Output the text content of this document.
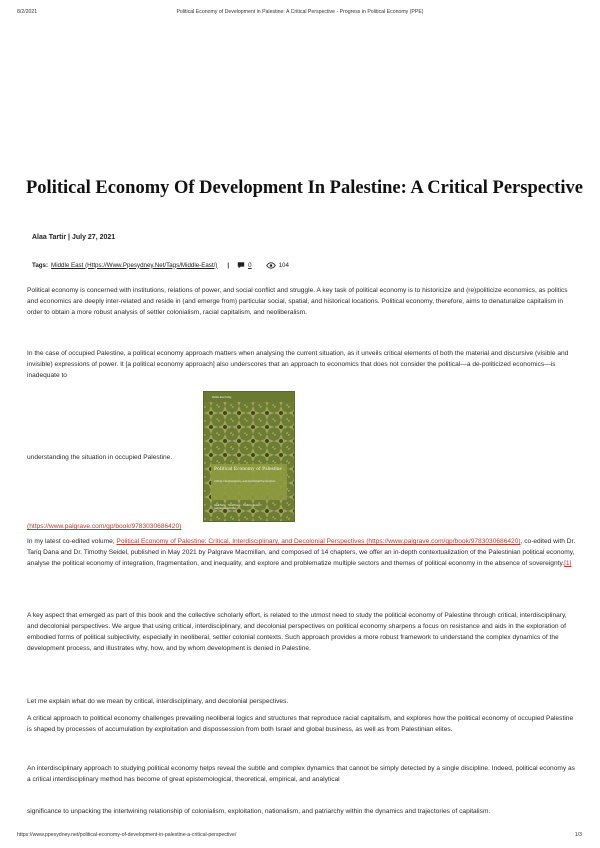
8/2/2021	Political Economy of Development in Palestine: A Critical Perspective - Progress in Political Economy (PPE)
Political Economy Of Development In Palestine: A Critical Perspective
Alaa Tartir | July 27, 2021
Tags: Middle East (Https://Www.Ppesydney.Net/Tags/Middle-East/) |	0	104

Political economy is concerned with institutions, relations of power, and social conflict and struggle. A key task of political economy is to historicize and (re)politicize economics, as politics and economics are deeply inter-related and reside in (and emerge from) particular social, spatial, and historical locations. Political economy, therefore, aims to denaturalize capitalism in order to obtain a more robust analysis of settler colonialism, racial capitalism, and neoliberalism.

In the case of occupied Palestine, a political economy approach matters when analysing the current situation, as it unveils critical elements of both the material and discursive (visible and invisible) expressions of power. It [a political economy approach] also underscores that an approach to economics that does not consider the political—a de-politicized economics—is inadequate to

understanding the situation in occupied Palestine.
Middle East Today
Political Economy of Palestine
Critical, Interdisciplinary, and Decolonial Perspectives
Alaa Tartir · Tariq Dana · Timothy Seidel
palgrave macmillan
(https://www.palgrave.com/gp/book/9783030686420)

In my latest co-edited volume, Political Economy of Palestine: Critical, Interdisciplinary, and Decolonial Perspectives (https://www.palgrave.com/gp/book/9783030686420), co-edited with Dr. Tariq Dana and Dr. Timothy Seidel, published in May 2021 by Palgrave Macmillan, and composed of 14 chapters, we offer an in-depth contextualization of the Palestinian political economy, analyse the political economy of integration, fragmentation, and inequality, and explore and problematize multiple sectors and themes of political economy in the absence of sovereignty.[1]

A key aspect that emerged as part of this book and the collective scholarly effort, is related to the utmost need to study the political economy of Palestine through critical, interdisciplinary, and decolonial perspectives. We argue that using critical, interdisciplinary, and decolonial perspectives on political economy sharpens a focus on resistance and aids in the exploration of embodied forms of political subjectivity, especially in neoliberal, settler colonial contexts. Such approach provides a more robust framework to understand the complex dynamics of the development process, and illustrates why, how, and by whom development is denied in Palestine.

Let me explain what do we mean by critical, interdisciplinary, and decolonial perspectives.

A critical approach to political economy challenges prevailing neoliberal logics and structures that reproduce racial capitalism, and explores how the political economy of occupied Palestine is shaped by processes of accumulation by exploitation and dispossession from both Israel and global business, as well as from Palestinian elites.

An interdisciplinary approach to studying political economy helps reveal the subtle and complex dynamics that cannot be simply detected by a single discipline. Indeed, political economy as a critical interdisciplinary method has become of great epistemological, theoretical, empirical, and analytical

significance to unpacking the intertwining relationship of colonialism, exploitation, nationalism, and patriarchy within the dynamics and trajectories of capitalism.

https://www.ppesydney.net/political-economy-of-development-in-palestine-a-critical-perspective/	1/3
